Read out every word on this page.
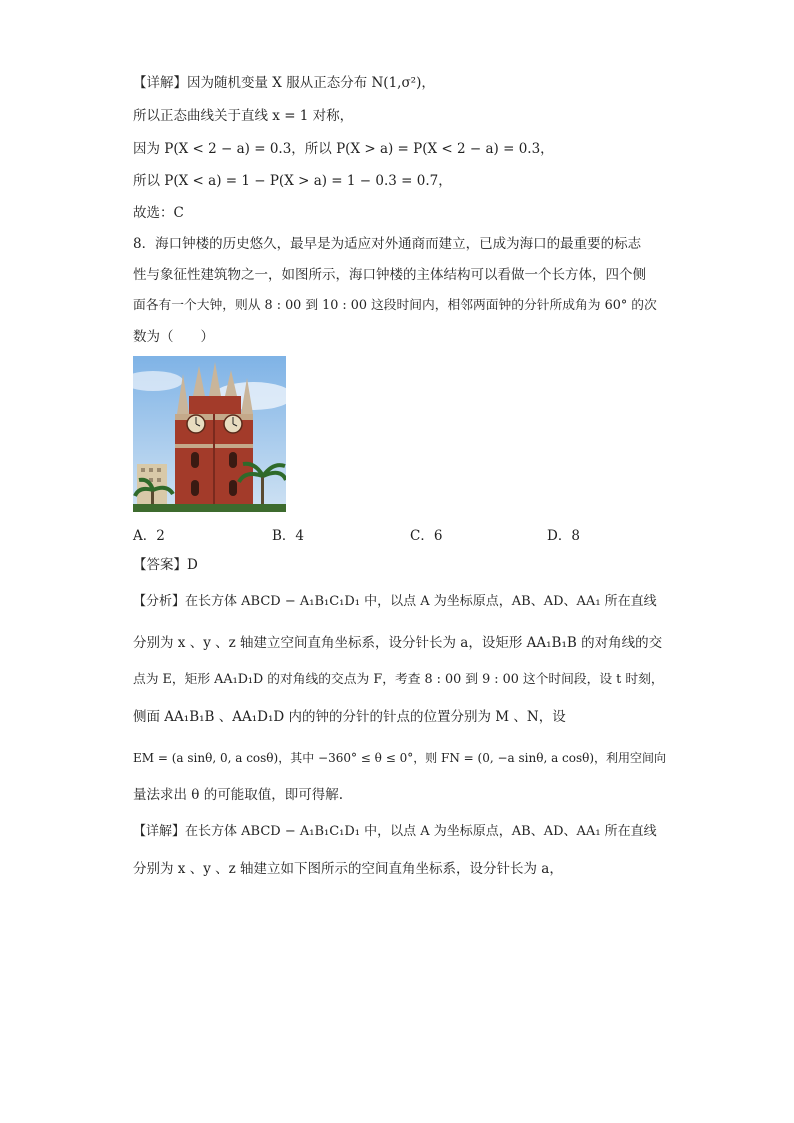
【详解】因为随机变量 X 服从正态分布 N(1,σ²)，
所以正态曲线关于直线 x = 1 对称，
因为 P(X < 2 − a) = 0.3，所以 P(X > a) = P(X < 2 − a) = 0.3，
所以 P(X < a) = 1 − P(X > a) = 1 − 0.3 = 0.7，
故选：C
8．海口钟楼的历史悠久，最早是为适应对外通商而建立，已成为海口的最重要的标志
性与象征性建筑物之一，如图所示，海口钟楼的主体结构可以看做一个长方体，四个侧
面各有一个大钟，则从 8 : 00 到 10 : 00 这段时间内，相邻两面钟的分针所成角为 60° 的次
数为（　　）
A．2	B．4	C．6	D．8
【答案】D
【分析】在长方体 ABCD − A₁B₁C₁D₁ 中，以点 A 为坐标原点，AB、AD、AA₁ 所在直线
分别为 x 、y 、z 轴建立空间直角坐标系，设分针长为 a，设矩形 AA₁B₁B 的对角线的交
点为 E，矩形 AA₁D₁D 的对角线的交点为 F，考查 8 : 00 到 9 : 00 这个时间段，设 t 时刻，
侧面 AA₁B₁B 、AA₁D₁D 内的钟的分针的针点的位置分别为 M 、N，设
EM = (a sinθ, 0, a cosθ)，其中 −360° ≤ θ ≤ 0°，则 FN = (0, −a sinθ, a cosθ)，利用空间向
量法求出 θ 的可能取值，即可得解.
【详解】在长方体 ABCD − A₁B₁C₁D₁ 中，以点 A 为坐标原点，AB、AD、AA₁ 所在直线
分别为 x 、y 、z 轴建立如下图所示的空间直角坐标系，设分针长为 a，
